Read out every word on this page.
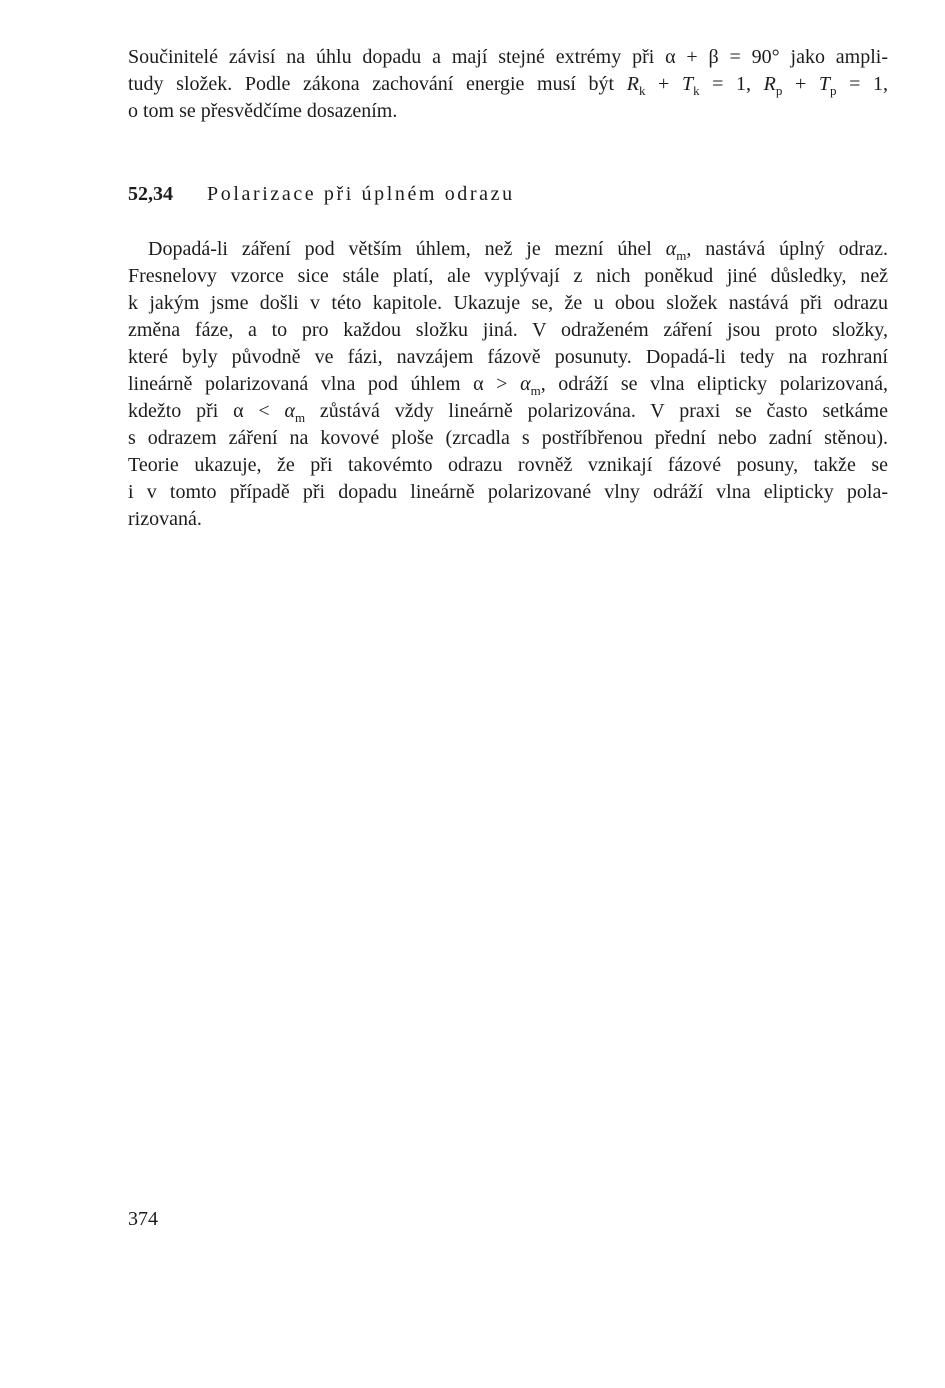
Součinitelé závisí na úhlu dopadu a mají stejné extrémy při α + β = 90° jako ampli-
tudy složek. Podle zákona zachování energie musí být $R_k + T_k = 1$, $R_p + T_p = 1$,
o tom se přesvědčíme dosazením.
52,34 Polarizace při úplném odrazu
Dopadá-li záření pod větším úhlem, než je mezní úhel $\alpha_m$, nastává úplný odraz.
Fresnelovy vzorce sice stále platí, ale vyplývají z nich poněkud jiné důsledky, než
k jakým jsme došli v této kapitole. Ukazuje se, že u obou složek nastává při odrazu
změna fáze, a to pro každou složku jiná. V odraženém záření jsou proto složky,
které byly původně ve fázi, navzájem fázově posunuty. Dopadá-li tedy na rozhraní
lineárně polarizovaná vlna pod úhlem $\alpha > \alpha_m$, odráží se vlna elipticky polarizovaná,
kdežto při $\alpha < \alpha_m$ zůstává vždy lineárně polarizována. V praxi se často setkáme
s odrazem záření na kovové ploše (zrcadla s postříbřenou přední nebo zadní stěnou).
Teorie ukazuje, že při takovémto odrazu rovněž vznikají fázové posuny, takže se
i v tomto případě při dopadu lineárně polarizované vlny odráží vlna elipticky pola-
rizovaná.
374
